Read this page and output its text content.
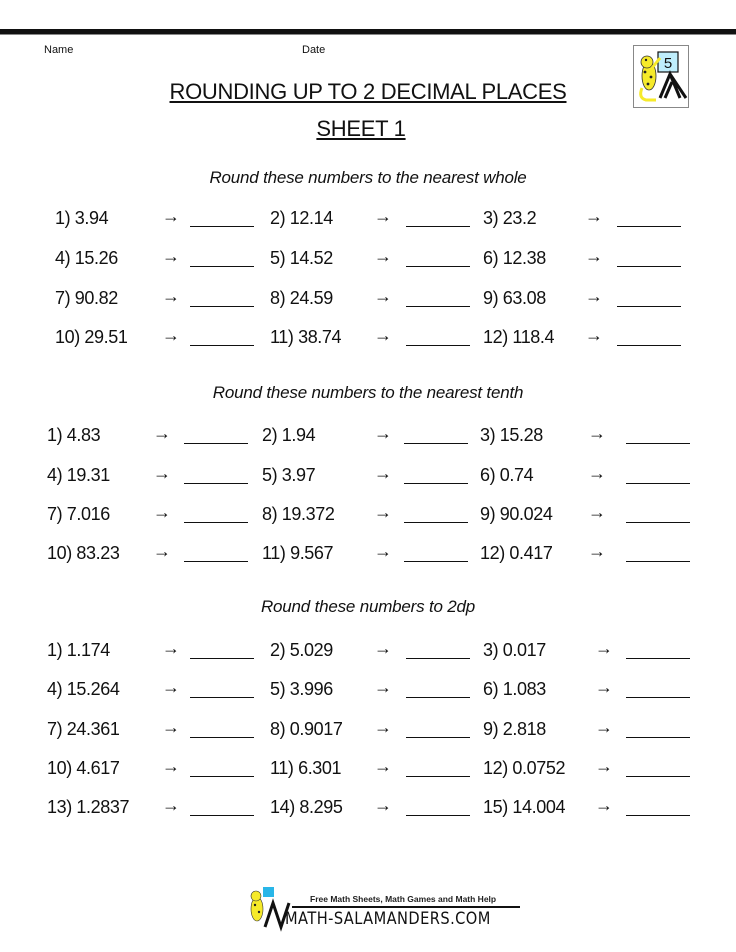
Name	Date
5
ROUNDING UP TO 2 DECIMAL PLACES
SHEET 1
Round these numbers to the nearest whole
1) 3.94	→	2) 12.14 →	3) 23.2	→
4) 15.26 →	5) 14.52 →	6) 12.38 →
7) 90.82 →	8) 24.59 →	9) 63.08 →
10) 29.51 →	11) 38.74 →	12) 118.4 →
Round these numbers to the nearest tenth
1) 4.83	→	2) 1.94	→	3) 15.28	→
4) 19.31 →	5) 3.97	→	6) 0.74	→
7) 7.016 →	8) 19.372 →	9) 90.024 →
10) 83.23 →	11) 9.567 →	12) 0.417 →
Round these numbers to 2dp
1) 1.174	→	2) 5.029 →	3) 0.017	→
4) 15.264 →	5) 3.996 →	6) 1.083	→
7) 24.361 →	8) 0.9017 →	9) 2.818	→
10) 4.617 →	11) 6.301 →	12) 0.0752 →
13) 1.2837 →	14) 8.295 →	15) 14.004 →
Free Math Sheets, Math Games and Math Help
MATH-SALAMANDERS.COM
